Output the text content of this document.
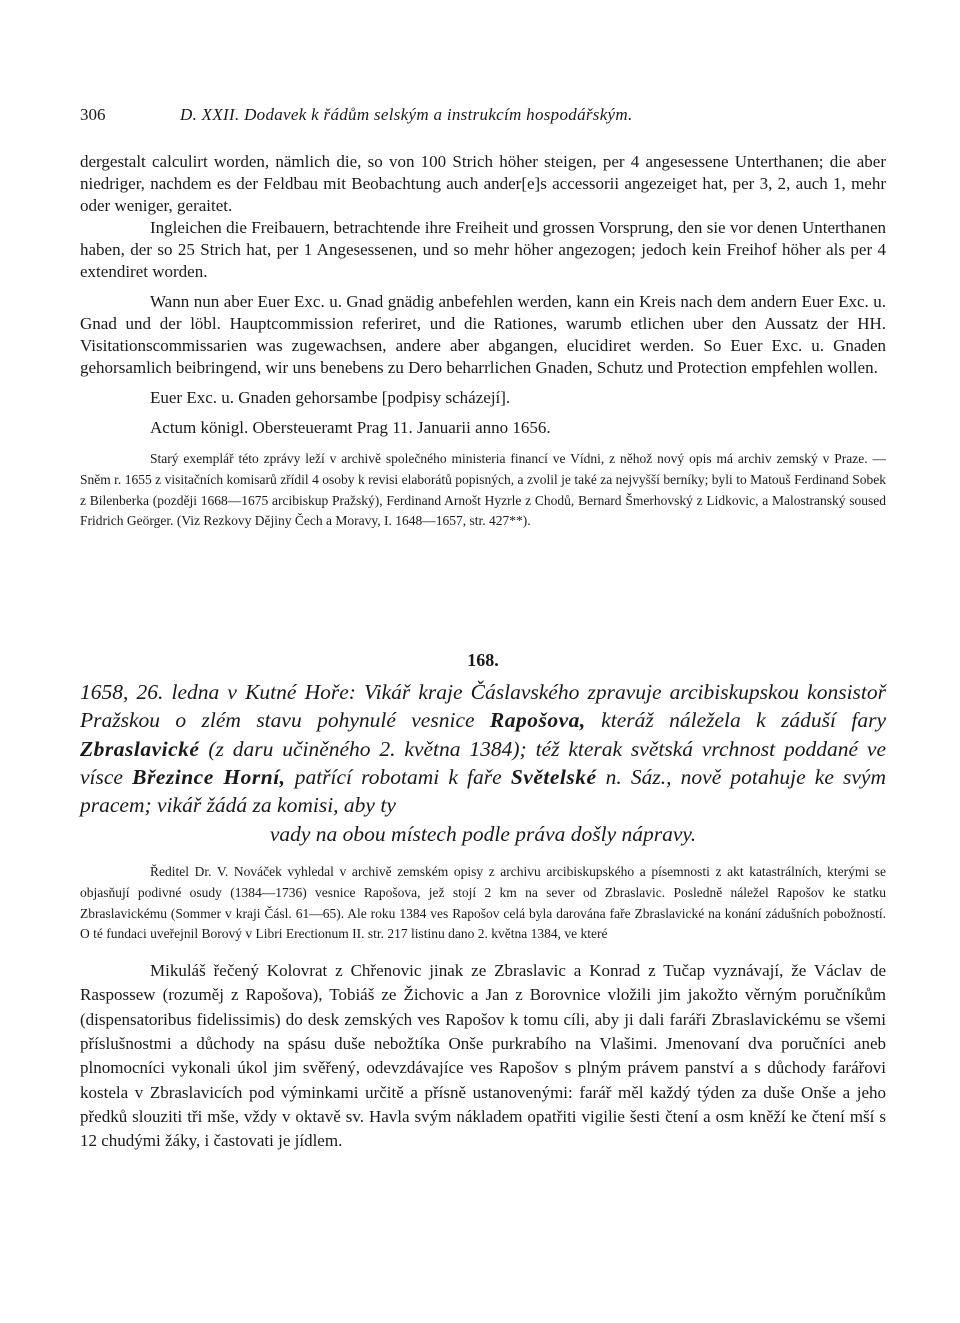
306	D. XXII. Dodavek k řádům selským a instrukcím hospodářským.

dergestalt calculirt worden, nämlich die, so von 100 Strich höher steigen, per 4 angesessene Unterthanen; die aber niedriger, nachdem es der Feldbau mit Beobachtung auch ander[e]s accessorii angezeiget hat, per 3, 2, auch 1, mehr oder weniger, geraitet.

Ingleichen die Freibauern, betrachtende ihre Freiheit und grossen Vorsprung, den sie vor denen Unterthanen haben, der so 25 Strich hat, per 1 Angesessenen, und so mehr höher angezogen; jedoch kein Freihof höher als per 4 extendiret worden.

Wann nun aber Euer Exc. u. Gnad gnädig anbefehlen werden, kann ein Kreis nach dem andern Euer Exc. u. Gnad und der löbl. Hauptcommission referiret, und die Rationes, warumb etlichen uber den Aussatz der HH. Visitationscommissarien was zugewachsen, andere aber abgangen, elucidiret werden. So Euer Exc. u. Gnaden gehorsamlich beibringend, wir uns benebens zu Dero beharrlichen Gnaden, Schutz und Protection empfehlen wollen.

Euer Exc. u. Gnaden gehorsambe [podpisy scházejí].

Actum königl. Obersteueramt Prag 11. Januarii anno 1656.

Starý exemplář této zprávy leží v archivě společného ministeria financí ve Vídni, z něhož nový opis má archiv zemský v Praze. — Sněm r. 1655 z visitačních komisarů zřídil 4 osoby k revisi elaborátů popisných, a zvolil je také za nejvyšší berníky; byli to Matouš Ferdinand Sobek z Bilenberka (později 1668—1675 arcibiskup Pražský), Ferdinand Arnošt Hyzrle z Chodů, Bernard Šmerhovský z Lidkovic, a Malostranský soused Fridrich Geörger. (Viz Rezkovy Dějiny Čech a Moravy, I. 1648—1657, str. 427**).

168.
1658, 26. ledna v Kutné Hoře: Vikář kraje Čáslavského zpravuje arcibiskupskou konsistoř Pražskou o zlém stavu pohynulé vesnice Rapošova, kteráž náležela k záduší fary Zbraslavické (z daru učiněného 2. května 1384); též kterak světská vrchnost poddané ve vísce Březince Horní, patřící robotami k faře Světelské n. Sáz., nově potahuje ke svým pracem; vikář žádá za komisi, aby ty
vady na obou místech podle práva došly nápravy.

Ředitel Dr. V. Nováček vyhledal v archivě zemském opisy z archivu arcibiskupského a písemnosti z akt katastrálních, kterými se objasňují podivné osudy (1384—1736) vesnice Rapošova, jež stojí 2 km na sever od Zbraslavic. Posledně náležel Rapošov ke statku Zbraslavickému (Sommer v kraji Čásl. 61—65). Ale roku 1384 ves Rapošov celá byla darována faře Zbraslavické na konání zádušních pobožností. O té fundaci uveřejnil Borový v Libri Erectionum II. str. 217 listinu dano 2. května 1384, ve které

Mikuláš řečený Kolovrat z Chřenovic jinak ze Zbraslavic a Konrad z Tučap vyznávají, že Václav de Raspossew (rozuměj z Rapošova), Tobiáš ze Žichovic a Jan z Borovnice vložili jim jakožto věrným poručníkům (dispensatoribus fidelissimis) do desk zemských ves Rapošov k tomu cíli, aby ji dali faráři Zbraslavickému se všemi příslušnostmi a důchody na spásu duše nebožtíka Onše purkrabího na Vlašimi. Jmenovaní dva poručníci aneb plnomocníci vykonali úkol jim svěřený, odevzdávajíce ves Rapošov s plným právem panství a s důchody farářovi kostela v Zbraslavicích pod výminkami určitě a přísně ustanovenými: farář měl každý týden za duše Onše a jeho předků slouziti tři mše, vždy v oktavě sv. Havla svým nákladem opatřiti vigilie šesti čtení a osm kněží ke čtení mší s 12 chudými žáky, i častovati je jídlem.
